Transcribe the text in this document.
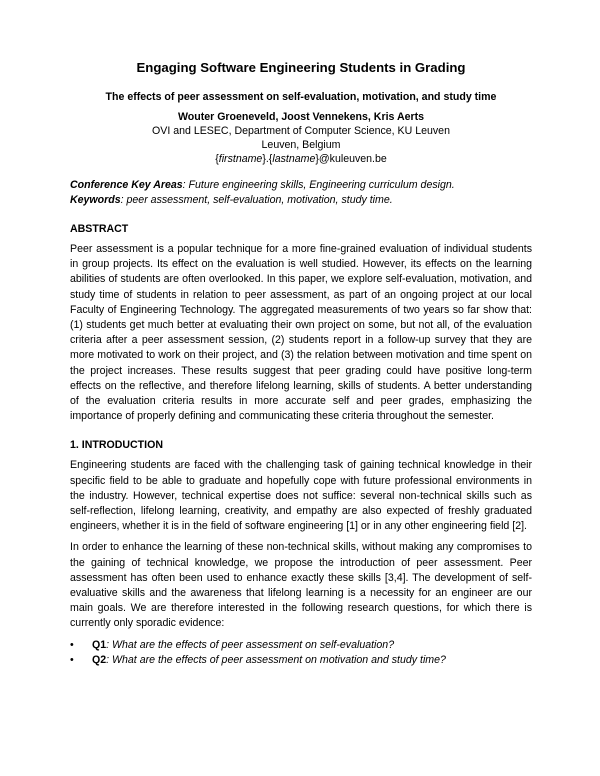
Engaging Software Engineering Students in Grading
The effects of peer assessment on self-evaluation, motivation, and study time
Wouter Groeneveld, Joost Vennekens, Kris Aerts
OVI and LESEC, Department of Computer Science, KU Leuven
Leuven, Belgium
{firstname}.{lastname}@kuleuven.be
Conference Key Areas: Future engineering skills, Engineering curriculum design.
Keywords: peer assessment, self-evaluation, motivation, study time.
ABSTRACT

Peer assessment is a popular technique for a more fine-grained evaluation of individual students in group projects. Its effect on the evaluation is well studied. However, its effects on the learning abilities of students are often overlooked. In this paper, we explore self-evaluation, motivation, and study time of students in relation to peer assessment, as part of an ongoing project at our local Faculty of Engineering Technology. The aggregated measurements of two years so far show that: (1) students get much better at evaluating their own project on some, but not all, of the evaluation criteria after a peer assessment session, (2) students report in a follow-up survey that they are more motivated to work on their project, and (3) the relation between motivation and time spent on the project increases. These results suggest that peer grading could have positive long-term effects on the reflective, and therefore lifelong learning, skills of students. A better understanding of the evaluation criteria results in more accurate self and peer grades, emphasizing the importance of properly defining and communicating these criteria throughout the semester.

1. INTRODUCTION

Engineering students are faced with the challenging task of gaining technical knowledge in their specific field to be able to graduate and hopefully cope with future professional environments in the industry. However, technical expertise does not suffice: several non-technical skills such as self-reflection, lifelong learning, creativity, and empathy are also expected of freshly graduated engineers, whether it is in the field of software engineering [1] or in any other engineering field [2].

In order to enhance the learning of these non-technical skills, without making any compromises to the gaining of technical knowledge, we propose the introduction of peer assessment. Peer assessment has often been used to enhance exactly these skills [3,4]. The development of self-evaluative skills and the awareness that lifelong learning is a necessity for an engineer are our main goals. We are therefore interested in the following research questions, for which there is currently only sporadic evidence:

• Q1: What are the effects of peer assessment on self-evaluation?
• Q2: What are the effects of peer assessment on motivation and study time?
